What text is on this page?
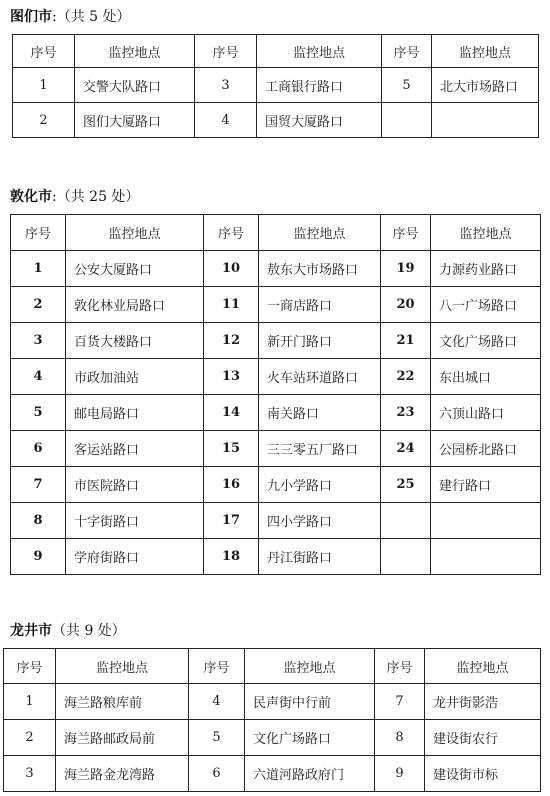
图们市:（共 5 处）
序号	监控地点	序号	监控地点	序号	监控地点
1	交警大队路口	3	工商银行路口	5	北大市场路口
2	图们大厦路口	4	国贸大厦路口		
敦化市:（共 25 处）
序号	监控地点	序号	监控地点	序号	监控地点
1	公安大厦路口	10	敖东大市场路口	19	力源药业路口
2	敦化林业局路口	11	一商店路口	20	八一广场路口
3	百货大楼路口	12	新开门路口	21	文化广场路口
4	市政加油站	13	火车站环道路口	22	东出城口
5	邮电局路口	14	南关路口	23	六顶山路口
6	客运站路口	15	三三零五厂路口	24	公园桥北路口
7	市医院路口	16	九小学路口	25	建行路口
8	十字街路口	17	四小学路口		
9	学府街路口	18	丹江街路口		
龙井市（共 9 处）
序号	监控地点	序号	监控地点	序号	监控地点
1	海兰路粮库前	4	民声街中行前	7	龙井街影浩
2	海兰路邮政局前	5	文化广场路口	8	建设街农行
3	海兰路金龙湾路	6	六道河路政府门	9	建设街市标
